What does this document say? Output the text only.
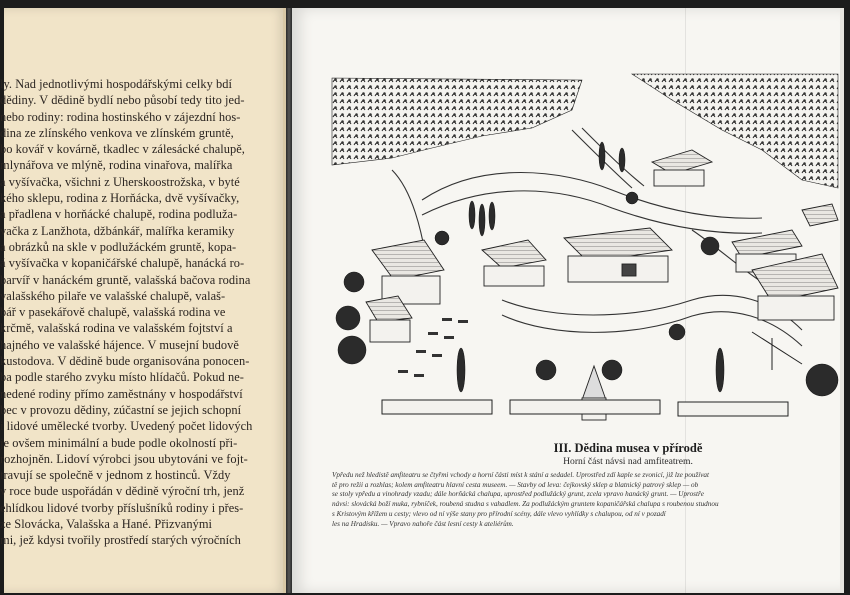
ly. Nad jednotlivými hospodářskými celky bdí
dědiny. V dědině bydlí nebo působí tedy tito jed-
nebo rodiny: rodina hostinského v zájezdní hos-
dina ze zlínského venkova ve zlínském gruntě,
bo kovář v kovárně, tkadlec v zálesácké chalupě,
mlynářova ve mlýně, rodina vinařova, malířka
a vyšívačka, všichni z Uherskoostrožska, v byté
kého sklepu, rodina z Horňácka, dvě vyšívačky,
a přadlena v horňácké chalupě, rodina podluža-
vačka z Lanžhota, džbánkář, malířka keramiky
a obrázků na skle v podlužáckém gruntě, kopa-
á vyšívačka v kopaničářské chalupě, hanácká ro-
barvíř v hanáckém gruntě, valašská bačova rodina
valašského pilaře ve valašské chalupě, valaš-
bář v pasekářově chalupě, valašská rodina ve
krčmě, valašská rodina ve valašském fojtství a
hajného ve valašské hájence. V musejní budově
kustodova. V dědině bude organisována ponocen-
ba podle starého zvyku místo hlídačů. Pokud ne-
nedené rodiny přímo zaměstnány v hospodářství
bec v provozu dědiny, zúčastní se jejich schopní
i lidové umělecké tvorby. Uvedený počet lidových
je ovšem minimální a bude podle okolností při-
rozhojněn. Lidoví výrobci jsou ubytováni ve fojt-
travují se společně v jednom z hostinců. Vždy
v roce bude uspořádán v dědině výroční trh, jenž
ehlídkou lidové tvorby příslušníků rodiny i přes-
ze Slovácka, Valašska a Hané. Přizvanými
mi, jež kdysi tvořily prostředí starých výročních
III. Dědina musea v přírodě
Horní část návsi nad amfiteatrem.
Vpředu než hledistě amfiteatru se čtyřmi vchody a horní části míst k stání a sedadel. Uprostřed zdí kaple se zvonicí, již lze používat
tě pro režii a rozhlas; kolem amfiteatru hlavní cesta museem. — Stavby od leva: čejkovský sklep a blatnický patrový sklep — ob
se stoly vpředu a vinohrady vzadu; dále horňácká chalupa, uprostřed podlužácký grunt, zcela vpravo hanácký grunt. — Uprostře
návsi: slovácká boží muka, rybníček, roubená studna s vahadlem. Za podlužáckým gruntem kopaničářská chalupa s roubenou studnou
s Kristovým křížem u cesty; vlevo od ní výše stany pro přírodní scény, dále vlevo vyhlídky s chalupou, od ní v pozadí
les na Hradisku. — Vpravo nahoře část lesní cesty k ateliérům.
